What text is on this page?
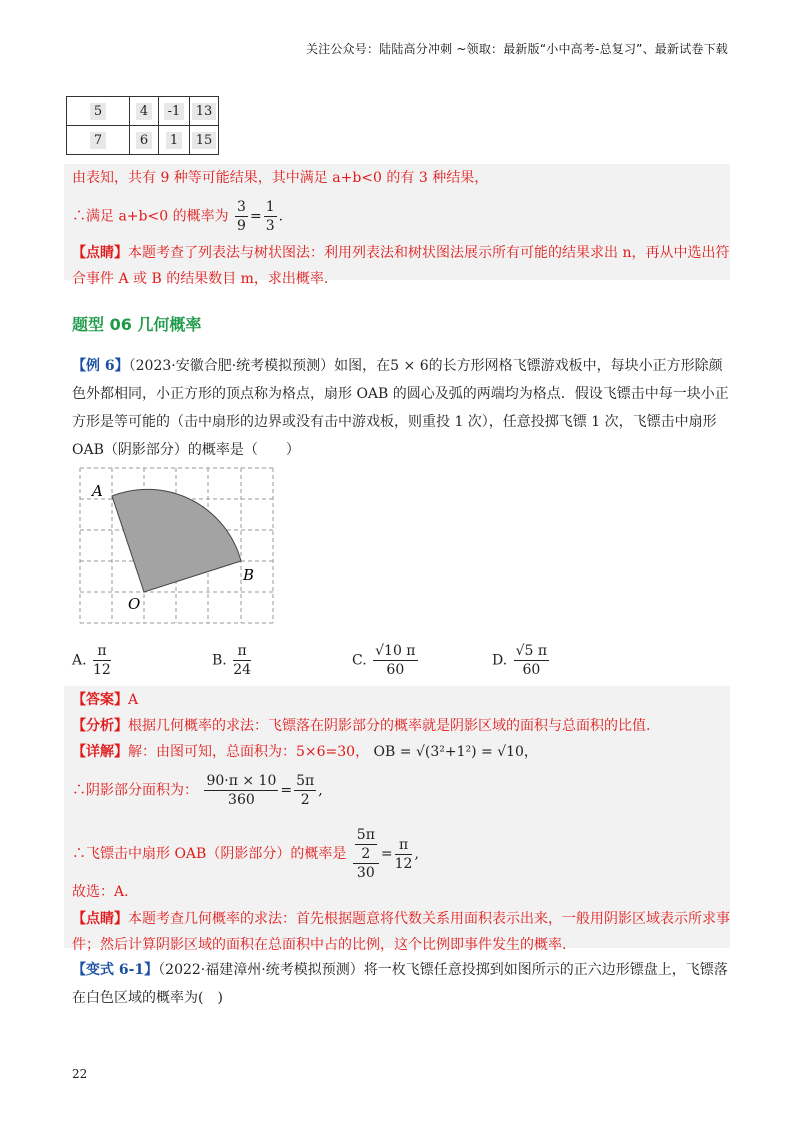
关注公众号：陆陆高分冲刺 ~领取：最新版“小中高考-总复习”、最新试卷下载
5	4	-1	13
7	6	1	15
由表知，共有 9 种等可能结果，其中满足 a+b<0 的有 3 种结果，
∴满足 a+b<0 的概率为 $\frac{3}{9} = \frac{1}{3}$ .
【点睛】本题考查了列表法与树状图法：利用列表法和树状图法展示所有可能的结果求出 n，再从中选出符合事件 A 或 B 的结果数目 m，求出概率.
题型 06 几何概率
【例 6】（2023·安徽合肥·统考模拟预测）如图，在5 × 6的长方形网格飞镖游戏板中，每块小正方形除颜色外都相同，小正方形的顶点称为格点，扇形 OAB 的圆心及弧的两端均为格点．假设飞镖击中每一块小正方形是等可能的（击中扇形的边界或没有击中游戏板，则重投 1 次），任意投掷飞镖 1 次，飞镖击中扇形 OAB（阴影部分）的概率是（　　）
A
B
O
A. $\frac{\pi}{12}$	B. $\frac{\pi}{24}$	C. $\frac{√10 \pi}{60}$	D. $\frac{√5 \pi}{60}$
【答案】A
【分析】根据几何概率的求法：飞镖落在阴影部分的概率就是阴影区域的面积与总面积的比值.
【详解】解：由图可知，总面积为：5×6=30， OB = √(3²+1²) = √10，
∴阴影部分面积为： $\frac{90\cdot\pi \times 10}{360} = \frac{5\pi}{2}$ ,
∴飞镖击中扇形 OAB（阴影部分）的概率是 $\frac{\frac{5\pi}{2}}{30} = \frac{\pi}{12}$ ,
故选：A.
【点睛】本题考查几何概率的求法：首先根据题意将代数关系用面积表示出来，一般用阴影区域表示所求事件；然后计算阴影区域的面积在总面积中占的比例，这个比例即事件发生的概率.
【变式 6-1】（2022·福建漳州·统考模拟预测）将一枚飞镖任意投掷到如图所示的正六边形镖盘上，飞镖落在白色区域的概率为(　)
22
